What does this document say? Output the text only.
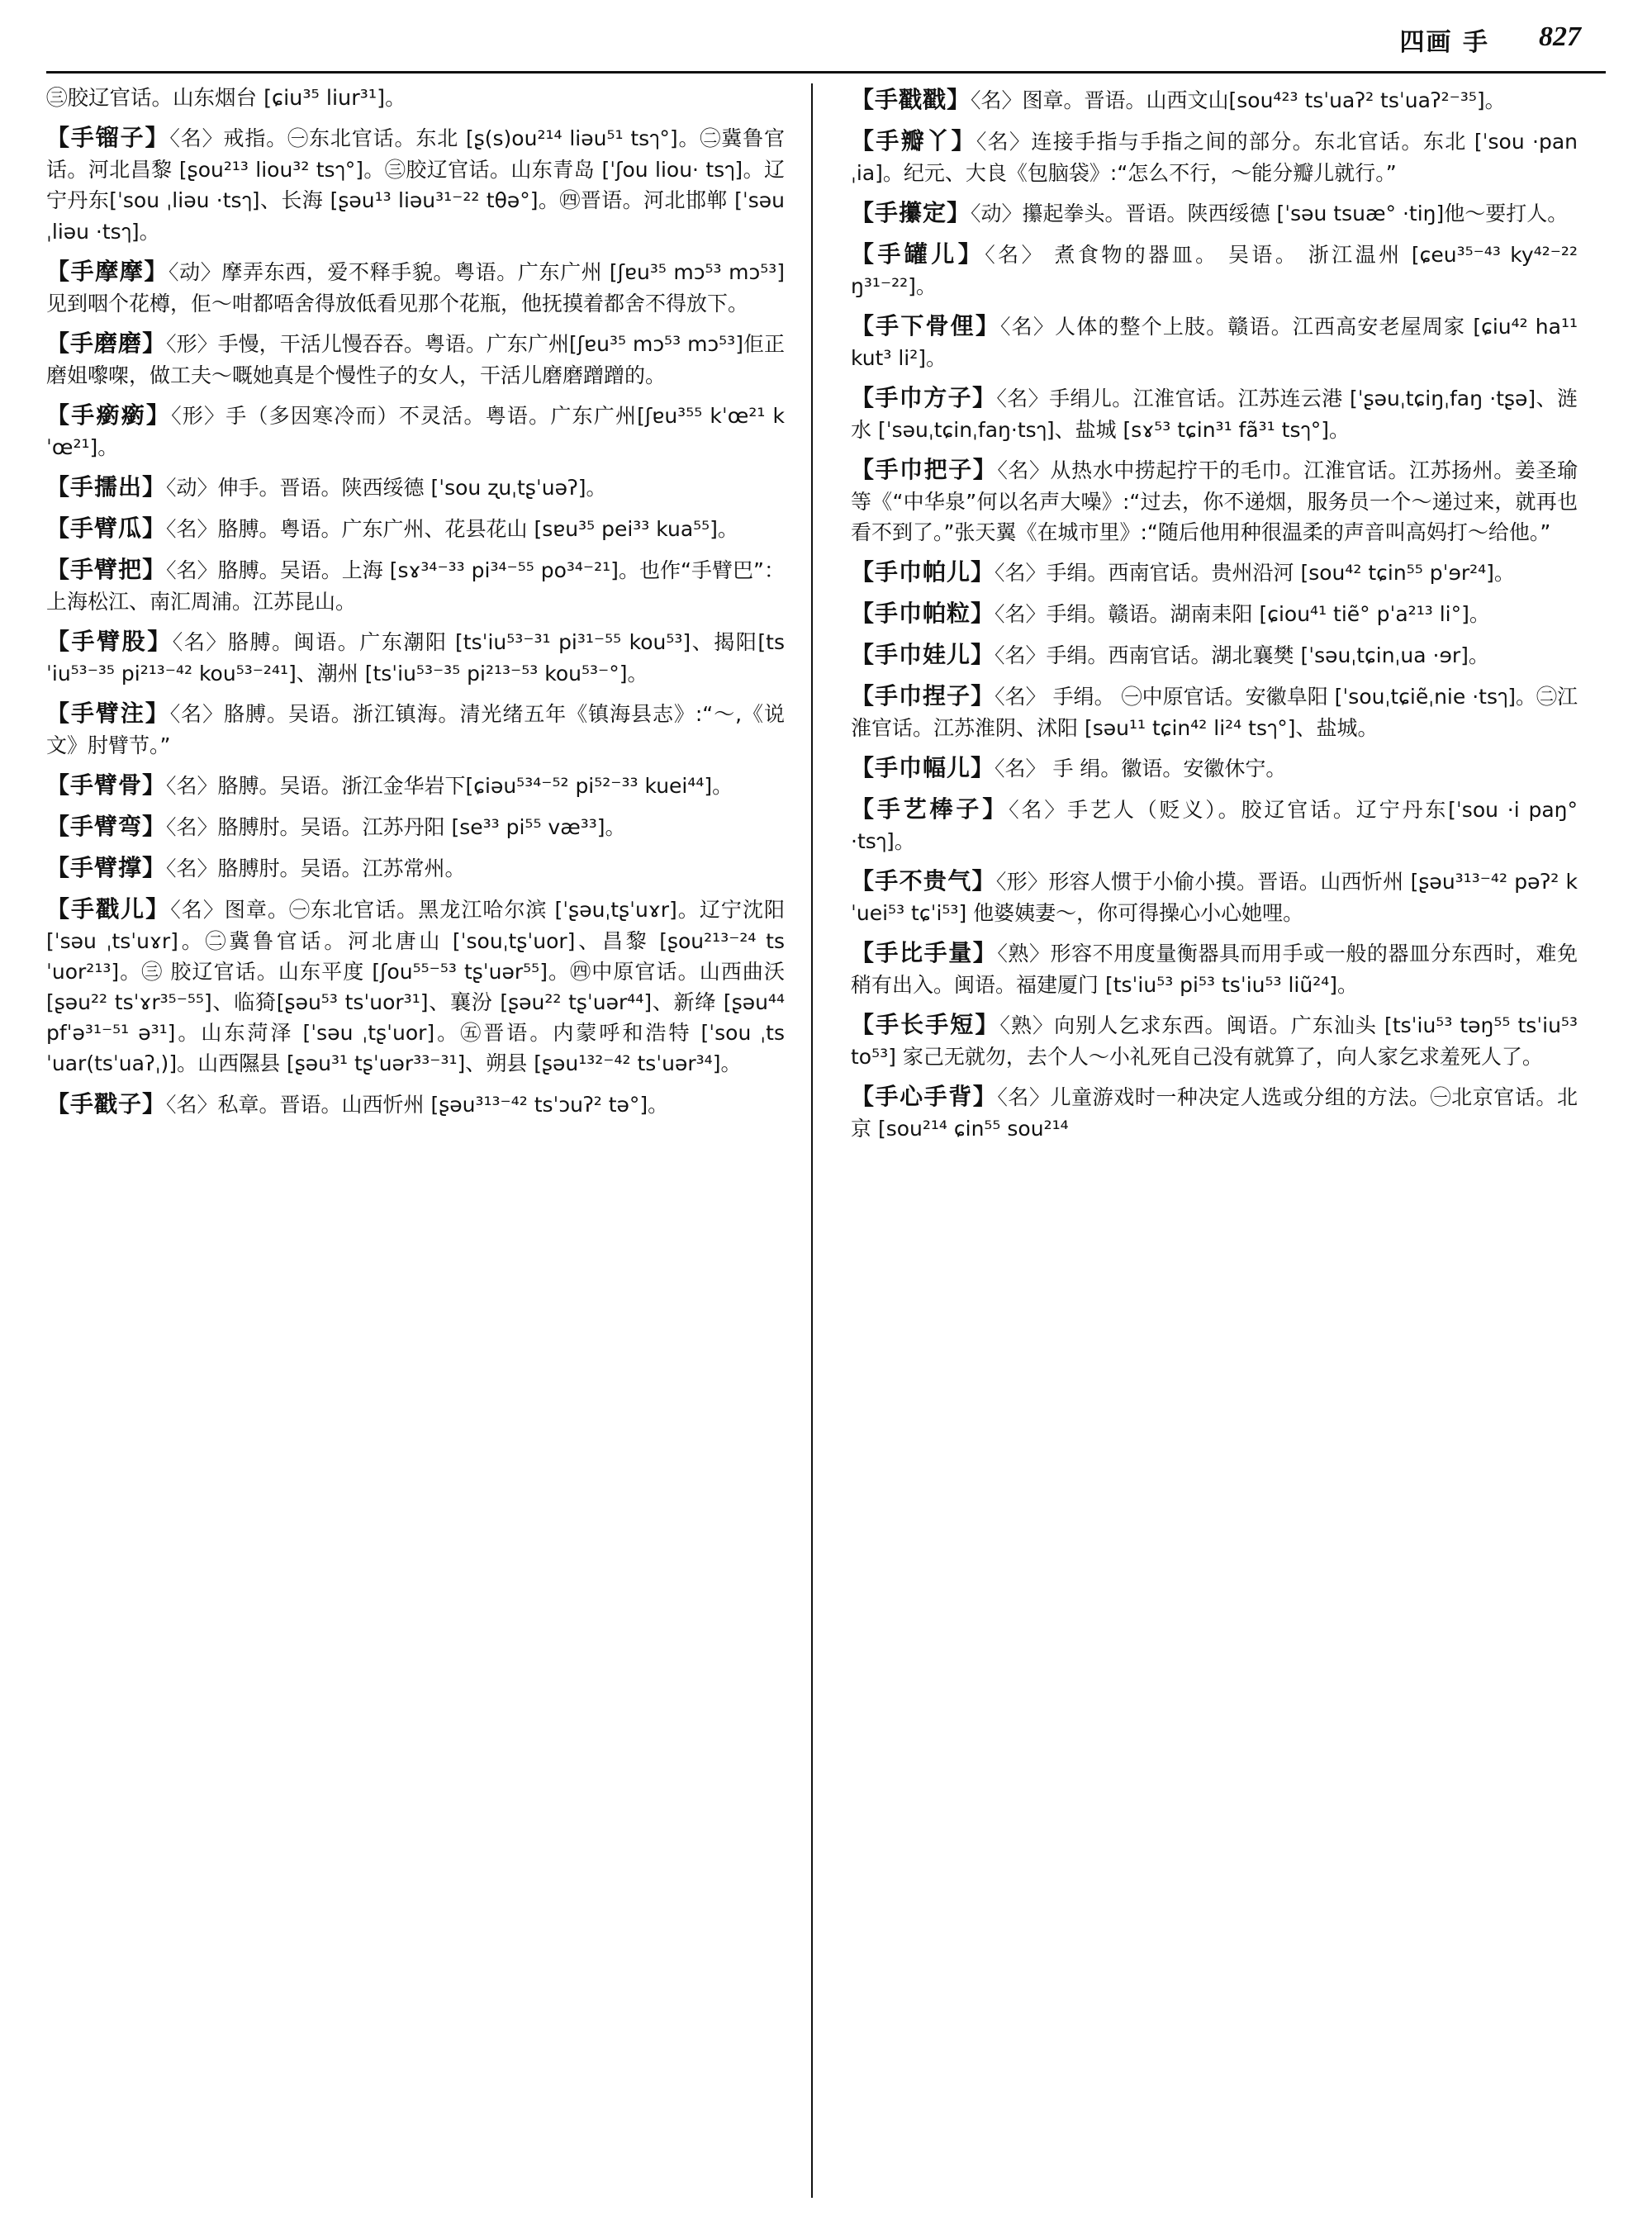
四画 手 827
㊂胶辽官话。山东烟台 [ɕiu³⁵ liur³¹]。
【手镏子】〈名〉戒指。㊀东北官话。东北 [ʂ(s)ou²¹⁴ liəu⁵¹ tsๅ°]。㊁冀鲁官话。河北昌黎 [ʂou²¹³ liou³² tsๅ°]。㊂胶辽官话。山东青岛 [ˈʃou liou· tsๅ]。辽宁丹东[ˈsou ˌliəu ·tsๅ]、长海 [ʂəu¹³ liəu³¹⁻²² tθə°]。㊃晋语。河北邯郸 [ˈsəuˌliəu ·tsๅ]。
【手摩摩】〈动〉摩弄东西，爱不释手貌。粤语。广东广州 [ʃɐu³⁵ mɔ⁵³ mɔ⁵³] 见到咽个花樽，佢～咁都唔舍得放低看见那个花瓶，他抚摸着都舍不得放下。
【手磨磨】〈形〉手慢，干活儿慢吞吞。粤语。广东广州[ʃɐu³⁵ mɔ⁵³ mɔ⁵³]佢正磨姐嚟㗎，做工夫～嘅她真是个慢性子的女人，干活儿磨磨蹭蹭的。
【手瘹瘹】〈形〉手（多因寒冷而）不灵活。粤语。广东广州[ʃɐu³⁵⁵ kˈœ²¹ kˈœ²¹]。
【手擩出】〈动〉伸手。晋语。陕西绥德 [ˈsou ʐuˌtʂˈuəʔ]。
【手臂瓜】〈名〉胳膊。粤语。广东广州、花县花山 [sɐu³⁵ pei³³ kua⁵⁵]。
【手臂把】〈名〉胳膊。吴语。上海 [sɤ³⁴⁻³³ pi³⁴⁻⁵⁵ po³⁴⁻²¹]。也作“手臂巴”：上海松江、南汇周浦。江苏昆山。
【手臂股】〈名〉胳膊。闽语。广东潮阳 [tsˈiu⁵³⁻³¹ pi³¹⁻⁵⁵ kou⁵³]、揭阳[tsˈiu⁵³⁻³⁵ pi²¹³⁻⁴² kou⁵³⁻²⁴¹]、潮州 [tsˈiu⁵³⁻³⁵ pi²¹³⁻⁵³ kou⁵³⁻°]。
【手臂注】〈名〉胳膊。吴语。浙江镇海。清光绪五年《镇海县志》:“～,《说文》肘臂节。”
【手臂骨】〈名〉胳膊。吴语。浙江金华岩下[ɕiəu⁵³⁴⁻⁵² pi⁵²⁻³³ kuei⁴⁴]。
【手臂弯】〈名〉胳膊肘。吴语。江苏丹阳 [se³³ pi⁵⁵ væ³³]。
【手臂撑】〈名〉胳膊肘。吴语。江苏常州。
【手戳儿】〈名〉图章。㊀东北官话。黑龙江哈尔滨 [ˈʂəuˌtʂˈuɤr]。辽宁沈阳 [ˈsəu ˌtsˈuɤr]。㊁冀鲁官话。河北唐山 [ˈsouˌtʂˈuor]、昌黎 [ʂou²¹³⁻²⁴ tsˈuor²¹³]。㊂ 胶辽官话。山东平度 [ʃou⁵⁵⁻⁵³ tʂˈuər⁵⁵]。㊃中原官话。山西曲沃[ʂəu²² tsˈɤr³⁵⁻⁵⁵]、临猗[ʂəu⁵³ tsˈuor³¹]、襄汾 [ʂəu²² tʂˈuər⁴⁴]、新绛 [ʂəu⁴⁴ pfˈə³¹⁻⁵¹ ə³¹]。山东菏泽 [ˈsəu ˌtʂˈuor]。㊄晋语。内蒙呼和浩特 [ˈsou ˌtsˈuar(tsˈuaʔˌ)]。山西隰县 [ʂəu³¹ tʂˈuər³³⁻³¹]、朔县 [ʂəu¹³²⁻⁴² tsˈuər³⁴]。
【手戳子】〈名〉私章。晋语。山西忻州 [ʂəu³¹³⁻⁴² tsˈɔuʔ² tə°]。
【手戳戳】〈名〉图章。晋语。山西文山[sou⁴²³ tsˈuaʔ² tsˈuaʔ²⁻³⁵]。
【手瓣丫】〈名〉连接手指与手指之间的部分。东北官话。东北 [ˈsou ·pan ˌia]。纪元、大良《包脑袋》:“怎么不行，～能分瓣儿就行。”
【手攥定】〈动〉攥起拳头。晋语。陕西绥德 [ˈsəu tsuæ° ·tiŋ]他～要打人。
【手罐儿】〈名〉 煮食物的器皿。 吴语。 浙江温州 [ɕeu³⁵⁻⁴³ ky⁴²⁻²² ŋ³¹⁻²²]。
【手下骨俚】〈名〉人体的整个上肢。赣语。江西高安老屋周家 [ɕiu⁴² ha¹¹ kut³ li²]。
【手巾方子】〈名〉手绢儿。江淮官话。江苏连云港 [ˈʂəuˌtɕiŋˌfaŋ ·tʂə]、涟水 [ˈsəuˌtɕinˌfaŋ·tsๅ]、盐城 [sɤ⁵³ tɕin³¹ fã³¹ tsๅ°]。
【手巾把子】〈名〉从热水中捞起拧干的毛巾。江淮官话。江苏扬州。姜圣瑜等《“中华泉”何以名声大噪》:“过去，你不递烟，服务员一个～递过来，就再也看不到了。”张天翼《在城市里》:“随后他用种很温柔的声音叫高妈打～给他。”
【手巾帕儿】〈名〉手绢。西南官话。贵州沿河 [sou⁴² tɕin⁵⁵ pˈɘr²⁴]。
【手巾帕粒】〈名〉手绢。赣语。湖南耒阳 [ɕiou⁴¹ tiẽ° pˈa²¹³ li°]。
【手巾娃儿】〈名〉手绢。西南官话。湖北襄樊 [ˈsəuˌtɕinˌua ·ɘr]。
【手巾捏子】〈名〉 手绢。 ㊀中原官话。安徽阜阳 [ˈsouˌtɕiẽˌnie ·tsๅ]。㊁江淮官话。江苏淮阴、沭阳 [səu¹¹ tɕin⁴² li²⁴ tsๅ°]、盐城。
【手巾幅儿】〈名〉 手 绢。徽语。安徽休宁。
【手艺棒子】〈名〉手艺人（贬义）。胶辽官话。辽宁丹东[ˈsou ·i paŋ° ·tsๅ]。
【手不贵气】〈形〉形容人惯于小偷小摸。晋语。山西忻州 [ʂəu³¹³⁻⁴² pəʔ² kˈuei⁵³ tɕˈi⁵³] 他婆姨妻～，你可得操心小心她哩。
【手比手量】〈熟〉形容不用度量衡器具而用手或一般的器皿分东西时，难免稍有出入。闽语。福建厦门 [tsˈiu⁵³ pi⁵³ tsˈiu⁵³ liũ²⁴]。
【手长手短】〈熟〉向别人乞求东西。闽语。广东汕头 [tsˈiu⁵³ təŋ⁵⁵ tsˈiu⁵³ to⁵³] 家己无就勿，去个人～小礼死自己没有就算了，向人家乞求羞死人了。
【手心手背】〈名〉儿童游戏时一种决定人选或分组的方法。㊀北京官话。北京 [sou²¹⁴ ɕin⁵⁵ sou²¹⁴
